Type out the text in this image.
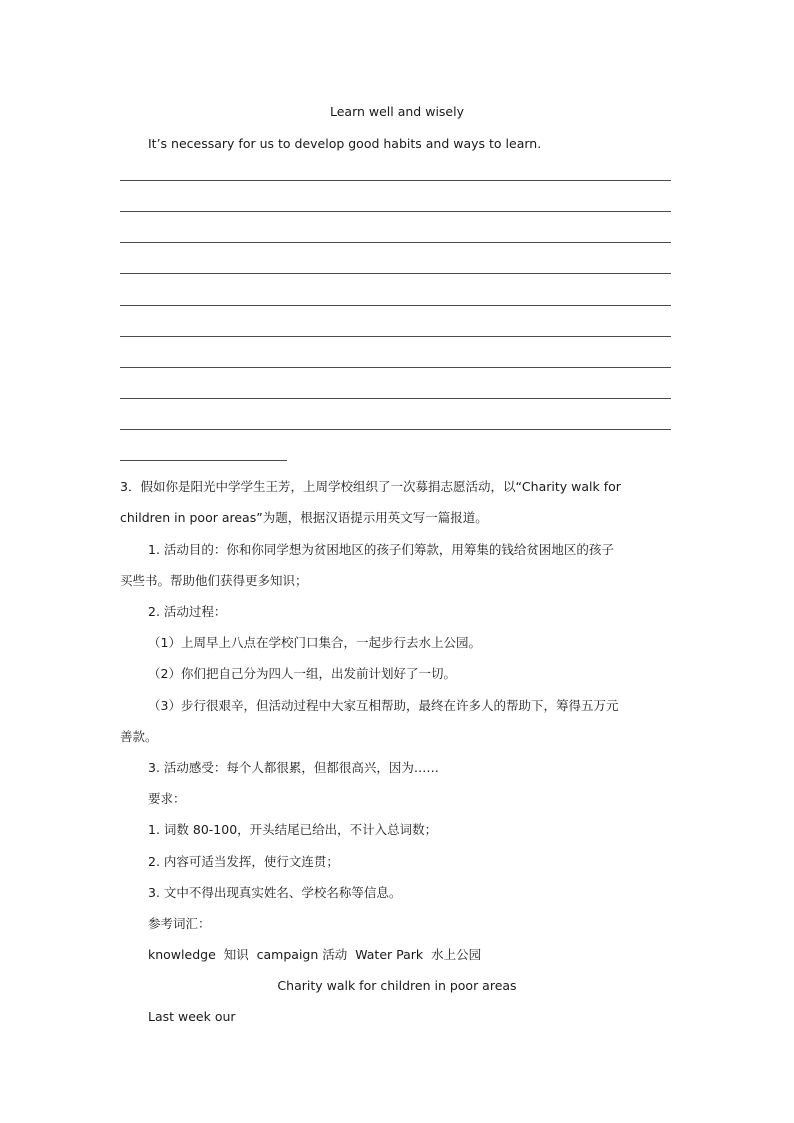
Learn well and wisely
It’s necessary for us to develop good habits and ways to learn.
3．假如你是阳光中学学生王芳，上周学校组织了一次募捐志愿活动，以“Charity walk for
children in poor areas”为题，根据汉语提示用英文写一篇报道。
1. 活动目的：你和你同学想为贫困地区的孩子们筹款，用筹集的钱给贫困地区的孩子
买些书。帮助他们获得更多知识；
2. 活动过程：
（1）上周早上八点在学校门口集合，一起步行去水上公园。
（2）你们把自己分为四人一组，出发前计划好了一切。
（3）步行很艰辛，但活动过程中大家互相帮助，最终在许多人的帮助下，筹得五万元
善款。
3. 活动感受：每个人都很累，但都很高兴，因为……
要求：
1. 词数 80-100，开头结尾已给出，不计入总词数；
2. 内容可适当发挥，使行文连贯；
3. 文中不得出现真实姓名、学校名称等信息。
参考词汇：
knowledge  知识  campaign 活动  Water Park  水上公园
Charity walk for children in poor areas
Last week our
